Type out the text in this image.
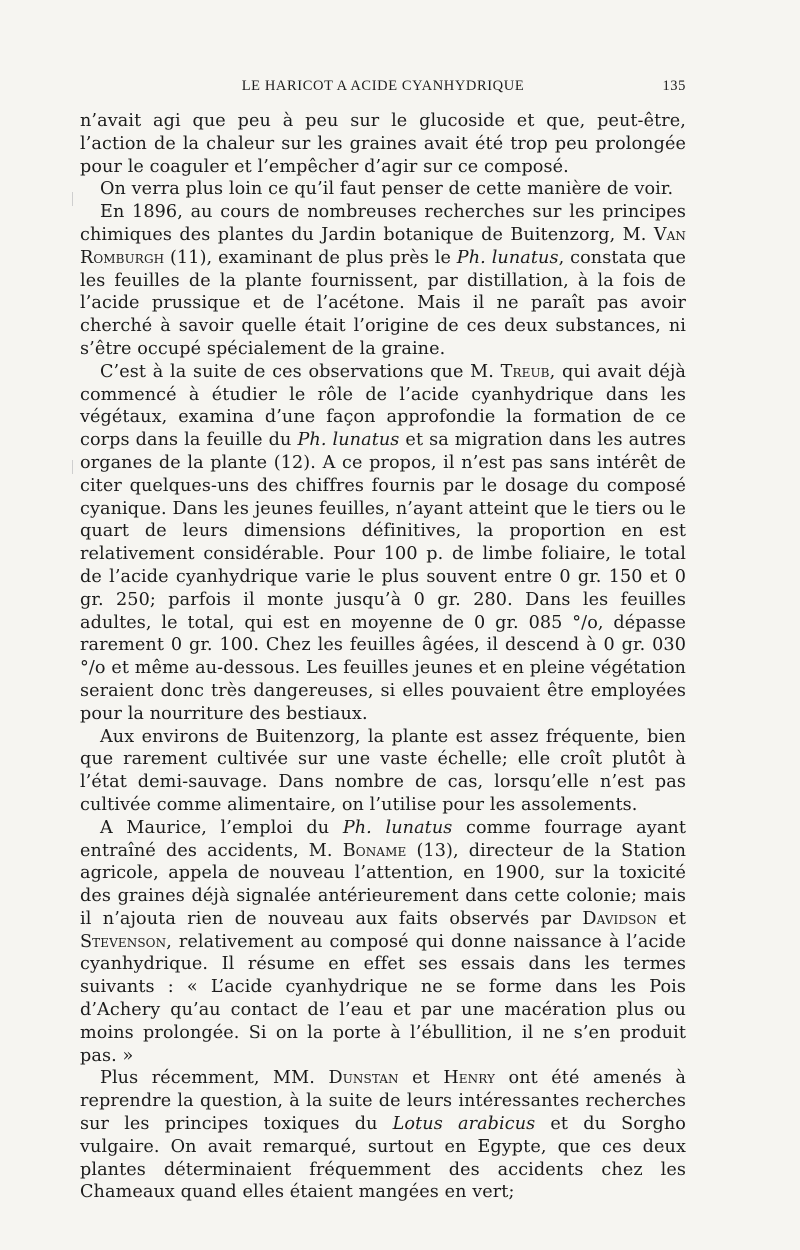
LE HARICOT A ACIDE CYANHYDRIQUE	135

n’avait agi que peu à peu sur le glucoside et que, peut-être, l’action de la chaleur sur les graines avait été trop peu prolongée pour le coaguler et l’empêcher d’agir sur ce composé.

On verra plus loin ce qu’il faut penser de cette manière de voir.

En 1896, au cours de nombreuses recherches sur les principes chimiques des plantes du Jardin botanique de Buitenzorg, M. Van Romburgh (11), examinant de plus près le Ph. lunatus, constata que les feuilles de la plante fournissent, par distillation, à la fois de l’acide prussique et de l’acétone. Mais il ne paraît pas avoir cherché à savoir quelle était l’origine de ces deux substances, ni s’être occupé spécialement de la graine.

C’est à la suite de ces observations que M. Treub, qui avait déjà commencé à étudier le rôle de l’acide cyanhydrique dans les végétaux, examina d’une façon approfondie la formation de ce corps dans la feuille du Ph. lunatus et sa migration dans les autres organes de la plante (12). A ce propos, il n’est pas sans intérêt de citer quelques-uns des chiffres fournis par le dosage du composé cyanique. Dans les jeunes feuilles, n’ayant atteint que le tiers ou le quart de leurs dimensions définitives, la proportion en est relativement considérable. Pour 100 p. de limbe foliaire, le total de l’acide cyanhydrique varie le plus souvent entre 0 gr. 150 et 0 gr. 250; parfois il monte jusqu’à 0 gr. 280. Dans les feuilles adultes, le total, qui est en moyenne de 0 gr. 085 °/o, dépasse rarement 0 gr. 100. Chez les feuilles âgées, il descend à 0 gr. 030 °/o et même au-dessous. Les feuilles jeunes et en pleine végétation seraient donc très dangereuses, si elles pouvaient être employées pour la nourriture des bestiaux.

Aux environs de Buitenzorg, la plante est assez fréquente, bien que rarement cultivée sur une vaste échelle; elle croît plutôt à l’état demi-sauvage. Dans nombre de cas, lorsqu’elle n’est pas cultivée comme alimentaire, on l’utilise pour les assolements.

A Maurice, l’emploi du Ph. lunatus comme fourrage ayant entraîné des accidents, M. Boname (13), directeur de la Station agricole, appela de nouveau l’attention, en 1900, sur la toxicité des graines déjà signalée antérieurement dans cette colonie; mais il n’ajouta rien de nouveau aux faits observés par Davidson et Stevenson, relativement au composé qui donne naissance à l’acide cyanhydrique. Il résume en effet ses essais dans les termes suivants : « L’acide cyanhydrique ne se forme dans les Pois d’Achery qu’au contact de l’eau et par une macération plus ou moins prolongée. Si on la porte à l’ébullition, il ne s’en produit pas. »

Plus récemment, MM. Dunstan et Henry ont été amenés à reprendre la question, à la suite de leurs intéressantes recherches sur les principes toxiques du Lotus arabicus et du Sorgho vulgaire. On avait remarqué, surtout en Egypte, que ces deux plantes déterminaient fréquemment des accidents chez les Chameaux quand elles étaient mangées en vert;
